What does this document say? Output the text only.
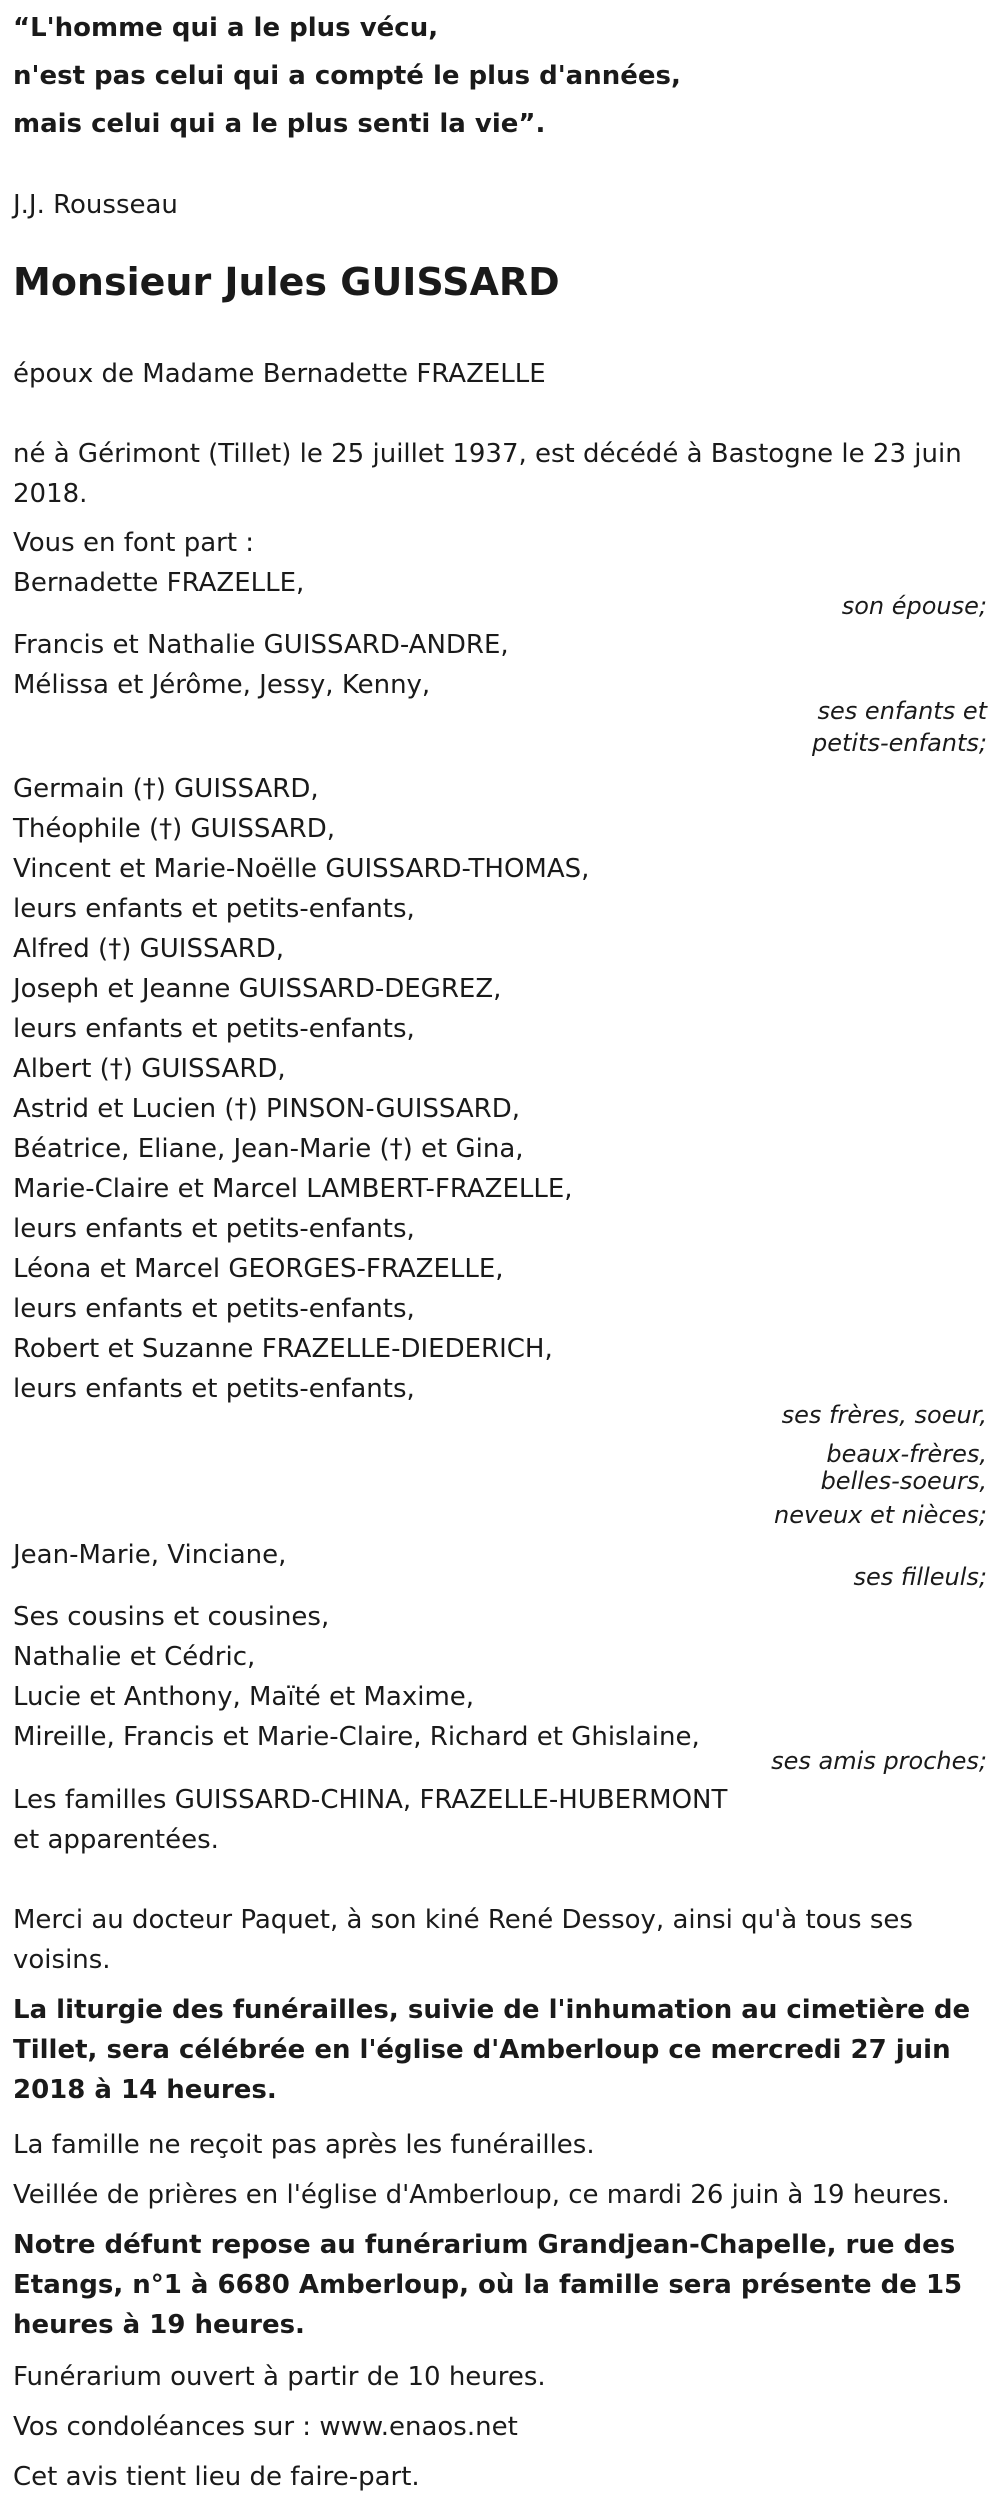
“L'homme qui a le plus vécu,
n'est pas celui qui a compté le plus d'années,
mais celui qui a le plus senti la vie”.
J.J. Rousseau
Monsieur Jules GUISSARD
époux de Madame Bernadette FRAZELLE
né à Gérimont (Tillet) le 25 juillet 1937, est décédé à Bastogne le 23 juin 2018.
Vous en font part :
Bernadette FRAZELLE,
son épouse;
Francis et Nathalie GUISSARD-ANDRE,
Mélissa et Jérôme, Jessy, Kenny,
ses enfants et
petits-enfants;
Germain (†) GUISSARD,
Théophile (†) GUISSARD,
Vincent et Marie-Noëlle GUISSARD-THOMAS,
leurs enfants et petits-enfants,
Alfred (†) GUISSARD,
Joseph et Jeanne GUISSARD-DEGREZ,
leurs enfants et petits-enfants,
Albert (†) GUISSARD,
Astrid et Lucien (†) PINSON-GUISSARD,
Béatrice, Eliane, Jean-Marie (†) et Gina,
Marie-Claire et Marcel LAMBERT-FRAZELLE,
leurs enfants et petits-enfants,
Léona et Marcel GEORGES-FRAZELLE,
leurs enfants et petits-enfants,
Robert et Suzanne FRAZELLE-DIEDERICH,
leurs enfants et petits-enfants,
ses frères, soeur,
beaux-frères,
belles-soeurs,
neveux et nièces;
Jean-Marie, Vinciane,
ses filleuls;
Ses cousins et cousines,
Nathalie et Cédric,
Lucie et Anthony, Maïté et Maxime,
Mireille, Francis et Marie-Claire, Richard et Ghislaine,
ses amis proches;
Les familles GUISSARD-CHINA, FRAZELLE-HUBERMONT
et apparentées.
Merci au docteur Paquet, à son kiné René Dessoy, ainsi qu'à tous ses voisins.
La liturgie des funérailles, suivie de l'inhumation au cimetière de Tillet, sera célébrée en l'église d'Amberloup ce mercredi 27 juin 2018 à 14 heures.
La famille ne reçoit pas après les funérailles.
Veillée de prières en l'église d'Amberloup, ce mardi 26 juin à 19 heures.
Notre défunt repose au funérarium Grandjean-Chapelle, rue des Etangs, n°1 à 6680 Amberloup, où la famille sera présente de 15 heures à 19 heures.
Funérarium ouvert à partir de 10 heures.
Vos condoléances sur : www.enaos.net
Cet avis tient lieu de faire-part.
